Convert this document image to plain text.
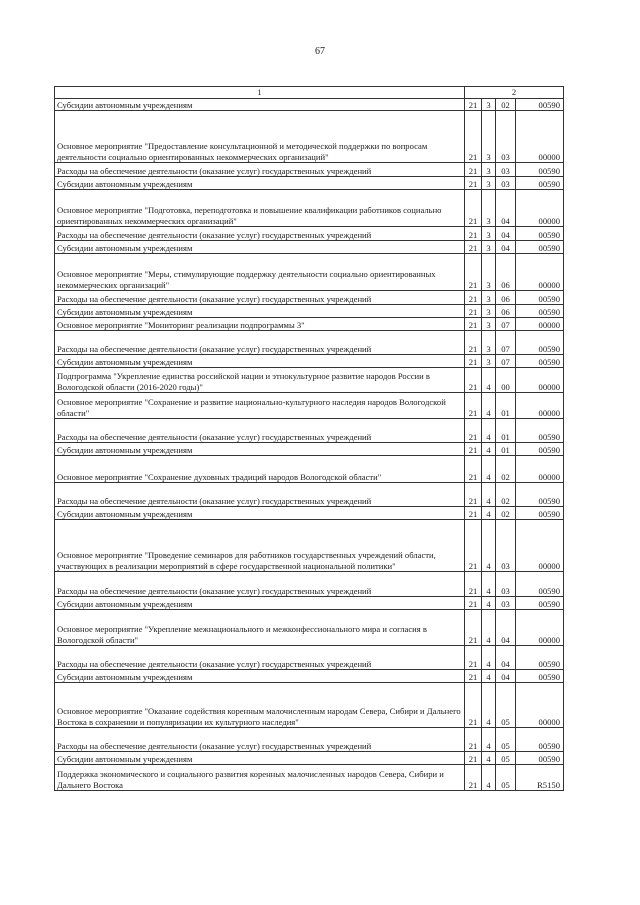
67
1	2			
Субсидии автономным учреждениям	21	3	02	00590
Основное мероприятие "Предоставление консультационной и методической поддержки по вопросам деятельности социально ориентированных некоммерческих организаций"	21	3	03	00000
Расходы на обеспечение деятельности (оказание услуг) государственных учреждений	21	3	03	00590
Субсидии автономным учреждениям	21	3	03	00590
Основное мероприятие "Подготовка, переподготовка и повышение квалификации работников социально ориентированных некоммерческих организаций"	21	3	04	00000
Расходы на обеспечение деятельности (оказание услуг) государственных учреждений	21	3	04	00590
Субсидии автономным учреждениям	21	3	04	00590
Основное мероприятие "Меры, стимулирующие поддержку деятельности социально ориентированных некоммерческих организаций"	21	3	06	00000
Расходы на обеспечение деятельности (оказание услуг) государственных учреждений	21	3	06	00590
Субсидии автономным учреждениям	21	3	06	00590
Основное мероприятие "Мониторинг реализации подпрограммы 3"	21	3	07	00000
Расходы на обеспечение деятельности (оказание услуг) государственных учреждений	21	3	07	00590
Субсидии автономным учреждениям	21	3	07	00590
Подпрограмма "Укрепление единства российской нации и этнокультурное развитие народов России в Вологодской области (2016-2020 годы)"	21	4	00	00000
Основное мероприятие "Сохранение и развитие национально-культурного наследия народов Вологодской области"	21	4	01	00000
Расходы на обеспечение деятельности (оказание услуг) государственных учреждений	21	4	01	00590
Субсидии автономным учреждениям	21	4	01	00590
Основное мероприятие "Сохранение духовных традиций народов Вологодской области"	21	4	02	00000
Расходы на обеспечение деятельности (оказание услуг) государственных учреждений	21	4	02	00590
Субсидии автономным учреждениям	21	4	02	00590
Основное мероприятие "Проведение семинаров для работников государственных учреждений области, участвующих в реализации мероприятий в сфере государственной национальной политики"	21	4	03	00000
Расходы на обеспечение деятельности (оказание услуг) государственных учреждений	21	4	03	00590
Субсидии автономным учреждениям	21	4	03	00590
Основное мероприятие "Укрепление межнационального и межконфессионального мира и согласия в Вологодской области"	21	4	04	00000
Расходы на обеспечение деятельности (оказание услуг) государственных учреждений	21	4	04	00590
Субсидии автономным учреждениям	21	4	04	00590
Основное мероприятие "Оказание содействия коренным малочисленным народам Севера, Сибири и Дальнего Востока в сохранении и популяризации их культурного наследия"	21	4	05	00000
Расходы на обеспечение деятельности (оказание услуг) государственных учреждений	21	4	05	00590
Субсидии автономным учреждениям	21	4	05	00590
Поддержка экономического и социального развития коренных малочисленных народов Севера, Сибири и Дальнего Востока	21	4	05	R5150
